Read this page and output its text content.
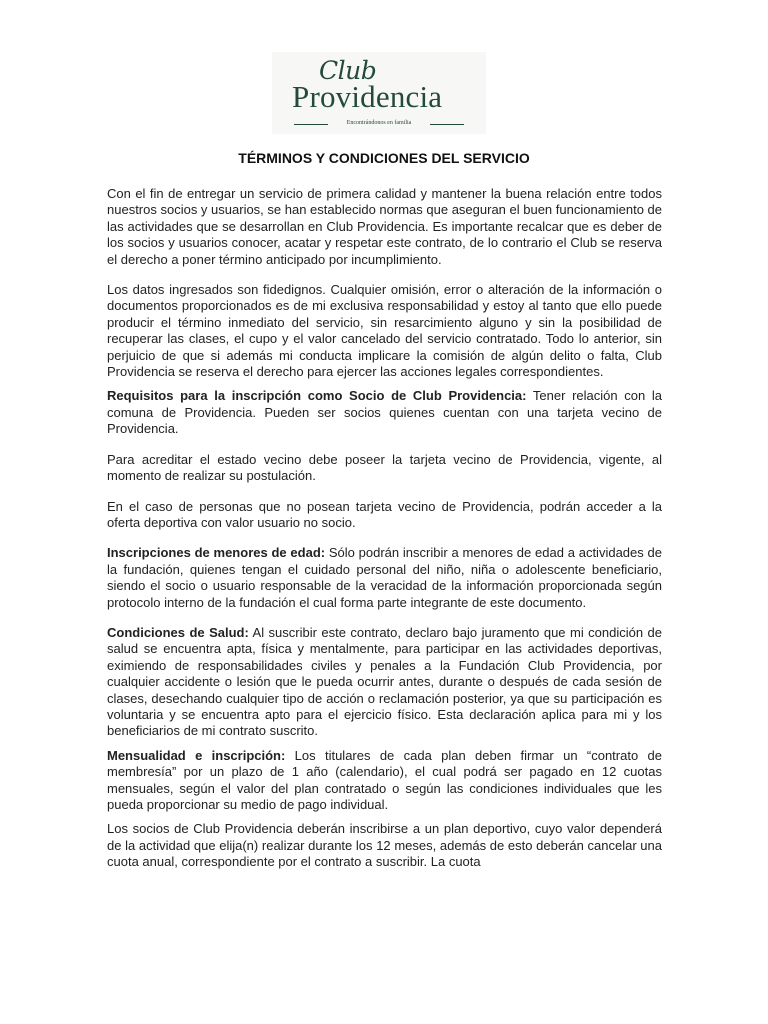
Club
Providencia
Encontrándonos en familia
TÉRMINOS Y CONDICIONES DEL SERVICIO

Con el fin de entregar un servicio de primera calidad y mantener la buena relación entre todos nuestros socios y usuarios, se han establecido normas que aseguran el buen funcionamiento de las actividades que se desarrollan en Club Providencia. Es importante recalcar que es deber de los socios y usuarios conocer, acatar y respetar este contrato, de lo contrario el Club se reserva el derecho a poner término anticipado por incumplimiento.

Los datos ingresados son fidedignos. Cualquier omisión, error o alteración de la información o documentos proporcionados es de mi exclusiva responsabilidad y estoy al tanto que ello puede producir el término inmediato del servicio, sin resarcimiento alguno y sin la posibilidad de recuperar las clases, el cupo y el valor cancelado del servicio contratado. Todo lo anterior, sin perjuicio de que si además mi conducta implicare la comisión de algún delito o falta, Club Providencia se reserva el derecho para ejercer las acciones legales correspondientes.

Requisitos para la inscripción como Socio de Club Providencia: Tener relación con la comuna de Providencia. Pueden ser socios quienes cuentan con una tarjeta vecino de Providencia.

Para acreditar el estado vecino debe poseer la tarjeta vecino de Providencia, vigente, al momento de realizar su postulación.

En el caso de personas que no posean tarjeta vecino de Providencia, podrán acceder a la oferta deportiva con valor usuario no socio.

Inscripciones de menores de edad: Sólo podrán inscribir a menores de edad a actividades de la fundación, quienes tengan el cuidado personal del niño, niña o adolescente beneficiario, siendo el socio o usuario responsable de la veracidad de la información proporcionada según protocolo interno de la fundación el cual forma parte integrante de este documento.

Condiciones de Salud: Al suscribir este contrato, declaro bajo juramento que mi condición de salud se encuentra apta, física y mentalmente, para participar en las actividades deportivas, eximiendo de responsabilidades civiles y penales a la Fundación Club Providencia, por cualquier accidente o lesión que le pueda ocurrir antes, durante o después de cada sesión de clases, desechando cualquier tipo de acción o reclamación posterior, ya que su participación es voluntaria y se encuentra apto para el ejercicio físico. Esta declaración aplica para mi y los beneficiarios de mi contrato suscrito.

Mensualidad e inscripción: Los titulares de cada plan deben firmar un “contrato de membresía” por un plazo de 1 año (calendario), el cual podrá ser pagado en 12 cuotas mensuales, según el valor del plan contratado o según las condiciones individuales que les pueda proporcionar su medio de pago individual.

Los socios de Club Providencia deberán inscribirse a un plan deportivo, cuyo valor dependerá de la actividad que elija(n) realizar durante los 12 meses, además de esto deberán cancelar una cuota anual, correspondiente por el contrato a suscribir. La cuota
